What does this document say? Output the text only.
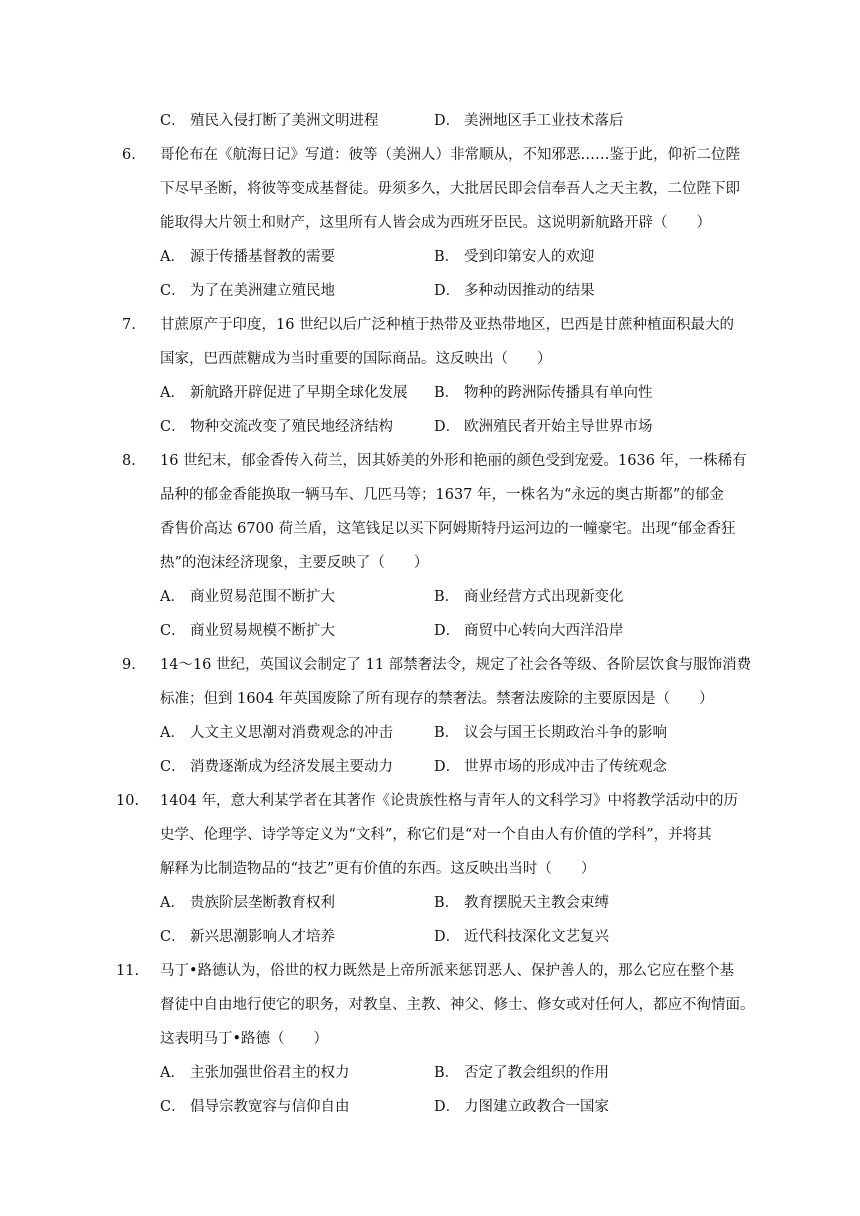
C． 殖民入侵打断了美洲文明进程	D． 美洲地区手工业技术落后
6.	哥伦布在《航海日记》写道：彼等（美洲人）非常顺从，不知邪恶……鉴于此，仰祈二位陛
下尽早圣断，将彼等变成基督徒。毋须多久，大批居民即会信奉吾人之天主教，二位陛下即
能取得大片领土和财产，这里所有人皆会成为西班牙臣民。这说明新航路开辟（　　）
A． 源于传播基督教的需要	B． 受到印第安人的欢迎
C． 为了在美洲建立殖民地	D． 多种动因推动的结果
7.	甘蔗原产于印度，16 世纪以后广泛种植于热带及亚热带地区，巴西是甘蔗种植面积最大的
国家，巴西蔗糖成为当时重要的国际商品。这反映出（　　）
A． 新航路开辟促进了早期全球化发展 B． 物种的跨洲际传播具有单向性
C． 物种交流改变了殖民地经济结构	D． 欧洲殖民者开始主导世界市场
8.	16 世纪末，郁金香传入荷兰，因其娇美的外形和艳丽的颜色受到宠爱。1636 年，一株稀有
品种的郁金香能换取一辆马车、几匹马等；1637 年，一株名为“永远的奥古斯都”的郁金
香售价高达 6700 荷兰盾，这笔钱足以买下阿姆斯特丹运河边的一幢豪宅。出现“郁金香狂
热”的泡沫经济现象，主要反映了（　　）
A． 商业贸易范围不断扩大	B． 商业经营方式出现新变化
C． 商业贸易规模不断扩大	D． 商贸中心转向大西洋沿岸
9.	14～16 世纪，英国议会制定了 11 部禁奢法令，规定了社会各等级、各阶层饮食与服饰消费
标准；但到 1604 年英国废除了所有现存的禁奢法。禁奢法废除的主要原因是（　　）
A． 人文主义思潮对消费观念的冲击	B． 议会与国王长期政治斗争的影响
C． 消费逐渐成为经济发展主要动力	D． 世界市场的形成冲击了传统观念
10.	1404 年，意大利某学者在其著作《论贵族性格与青年人的文科学习》中将教学活动中的历
史学、伦理学、诗学等定义为“文科”，称它们是“对一个自由人有价值的学科”，并将其
解释为比制造物品的“技艺”更有价值的东西。这反映出当时（　　）
A． 贵族阶层垄断教育权利	B． 教育摆脱天主教会束缚
C． 新兴思潮影响人才培养	D． 近代科技深化文艺复兴
11.	马丁•路德认为，俗世的权力既然是上帝所派来惩罚恶人、保护善人的，那么它应在整个基
督徒中自由地行使它的职务，对教皇、主教、神父、修士、修女或对任何人，都应不徇情面。
这表明马丁•路德（　　）
A． 主张加强世俗君主的权力	B． 否定了教会组织的作用
C． 倡导宗教宽容与信仰自由	D． 力图建立政教合一国家
